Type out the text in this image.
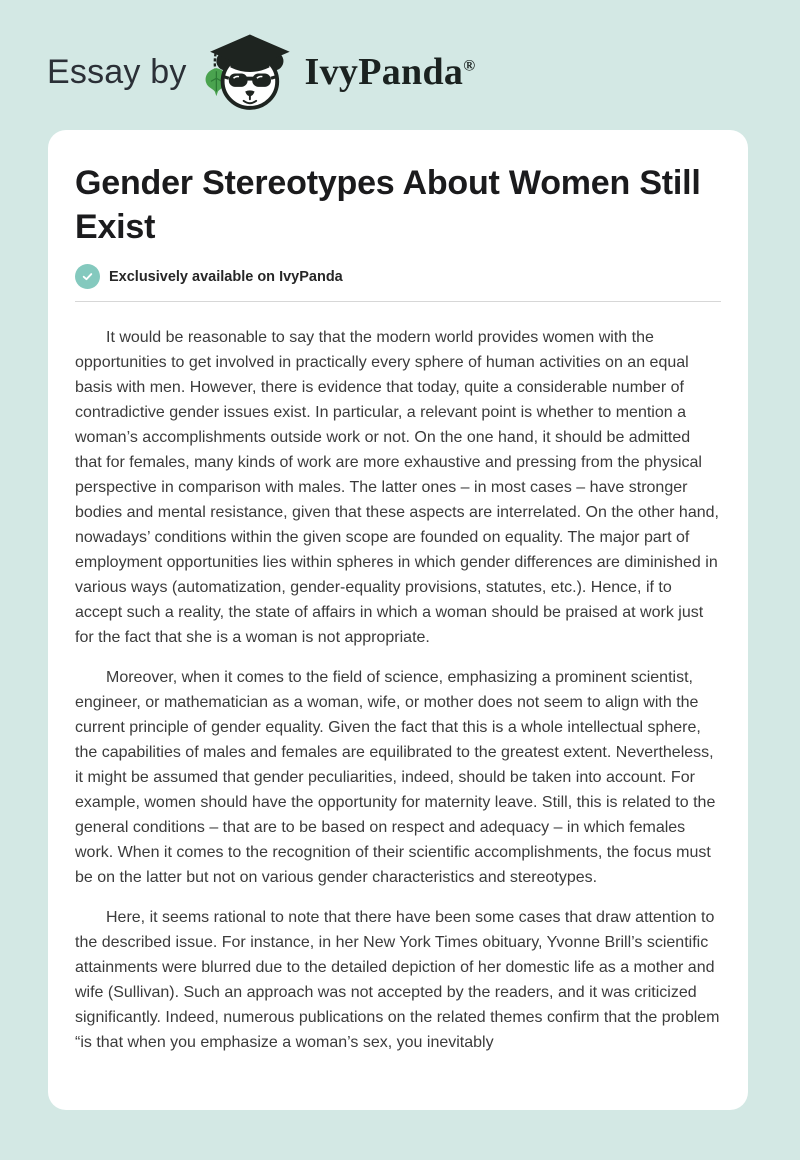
Essay by	IvyPanda®
Gender Stereotypes About Women Still Exist
Exclusively available on IvyPanda

It would be reasonable to say that the modern world provides women with the opportunities to get involved in practically every sphere of human activities on an equal basis with men. However, there is evidence that today, quite a considerable number of contradictive gender issues exist. In particular, a relevant point is whether to mention a woman’s accomplishments outside work or not. On the one hand, it should be admitted that for females, many kinds of work are more exhaustive and pressing from the physical perspective in comparison with males. The latter ones – in most cases – have stronger bodies and mental resistance, given that these aspects are interrelated. On the other hand, nowadays’ conditions within the given scope are founded on equality. The major part of employment opportunities lies within spheres in which gender differences are diminished in various ways (automatization, gender-equality provisions, statutes, etc.). Hence, if to accept such a reality, the state of affairs in which a woman should be praised at work just for the fact that she is a woman is not appropriate.

Moreover, when it comes to the field of science, emphasizing a prominent scientist, engineer, or mathematician as a woman, wife, or mother does not seem to align with the current principle of gender equality. Given the fact that this is a whole intellectual sphere, the capabilities of males and females are equilibrated to the greatest extent. Nevertheless, it might be assumed that gender peculiarities, indeed, should be taken into account. For example, women should have the opportunity for maternity leave. Still, this is related to the general conditions – that are to be based on respect and adequacy – in which females work. When it comes to the recognition of their scientific accomplishments, the focus must be on the latter but not on various gender characteristics and stereotypes.

Here, it seems rational to note that there have been some cases that draw attention to the described issue. For instance, in her New York Times obituary, Yvonne Brill’s scientific attainments were blurred due to the detailed depiction of her domestic life as a mother and wife (Sullivan). Such an approach was not accepted by the readers, and it was criticized significantly. Indeed, numerous publications on the related themes confirm that the problem “is that when you emphasize a woman’s sex, you inevitably
